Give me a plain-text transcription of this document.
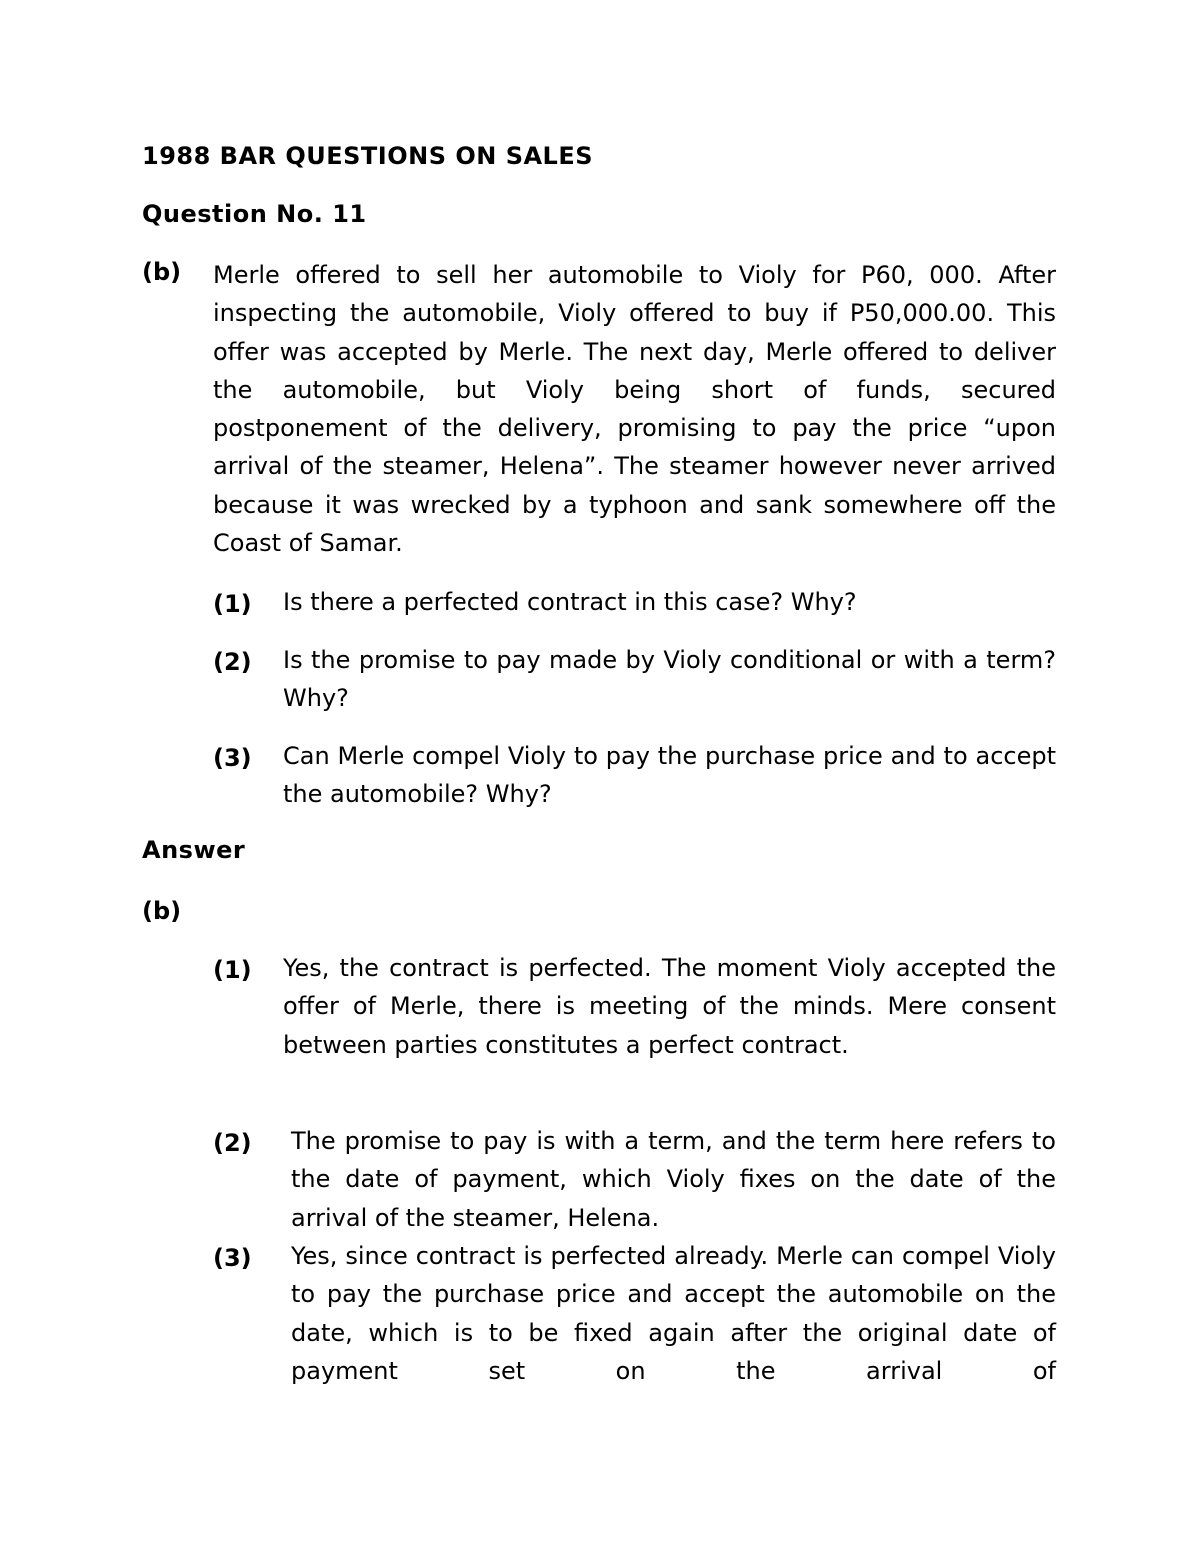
1988 BAR QUESTIONS ON SALES
Question No. 11
(b) Merle offered to sell her automobile to Violy for P60, 000. After inspecting the automobile, Violy offered to buy if P50,000.00. This offer was accepted by Merle. The next day, Merle offered to deliver the automobile, but Violy being short of funds, secured postponement of the delivery, promising to pay the price “upon arrival of the steamer, Helena”. The steamer however never arrived because it was wrecked by a typhoon and sank somewhere off the Coast of Samar.

(1) Is there a perfected contract in this case? Why?

(2) Is the promise to pay made by Violy conditional or with a term? Why?

(3) Can Merle compel Violy to pay the purchase price and to accept the automobile? Why?

Answer
(b)
(1) Yes, the contract is perfected. The moment Violy accepted the offer of Merle, there is meeting of the minds. Mere consent between parties constitutes a perfect contract.

(2) The promise to pay is with a term, and the term here refers to the date of payment, which Violy fixes on the date of the arrival of the steamer, Helena.

(3) Yes, since contract is perfected already. Merle can compel Violy to pay the purchase price and accept the automobile on the date, which is to be fixed again after the original date of payment set on the arrival of
